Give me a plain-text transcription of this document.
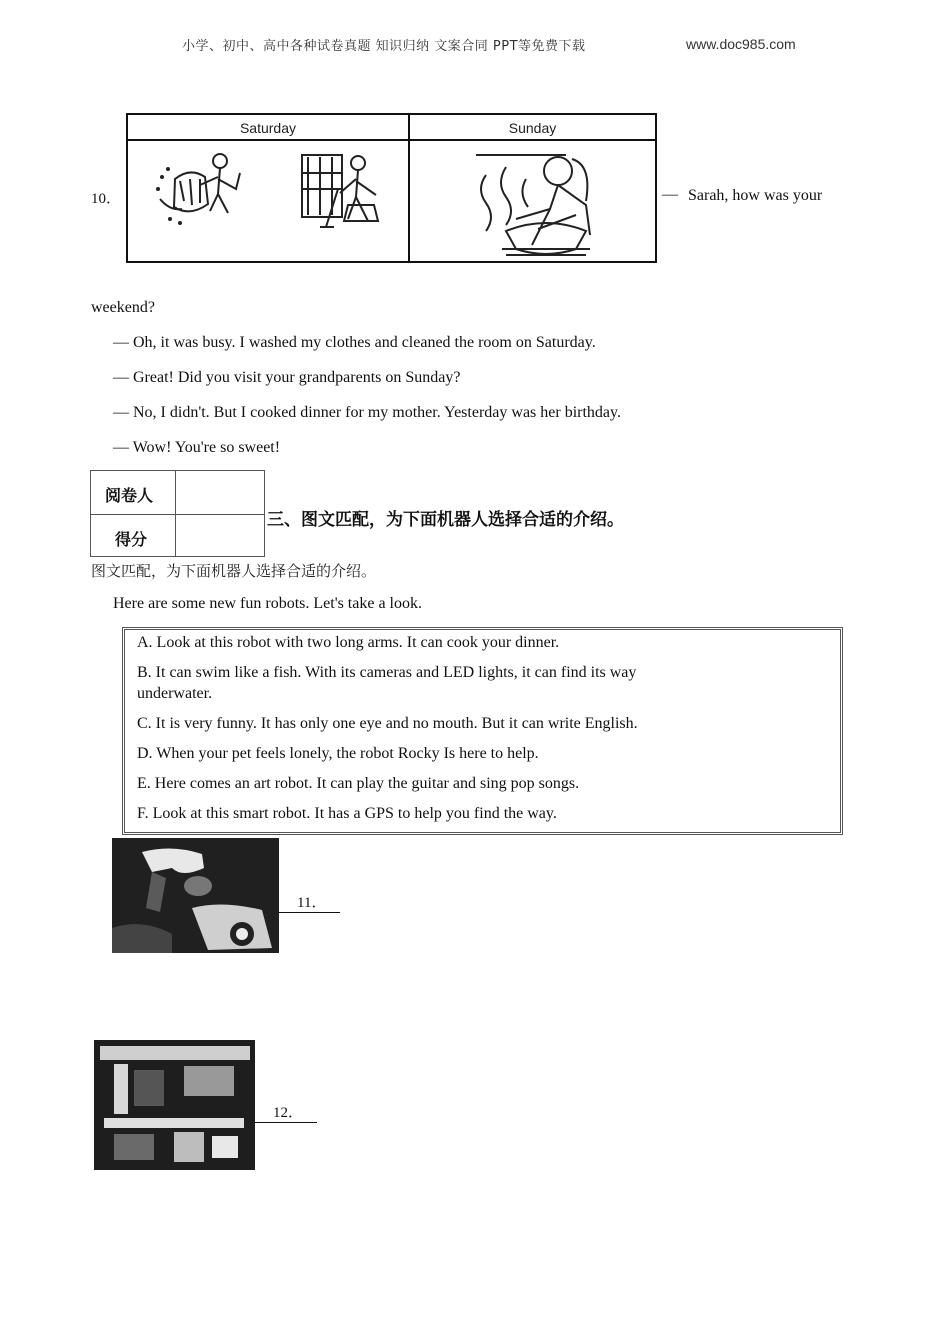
小学、初中、高中各种试卷真题 知识归纳 文案合同 PPT等免费下载	www.doc985.com
10．
Saturday	Sunday
— Sarah, how was your
weekend?
— Oh, it was busy. I washed my clothes and cleaned the room on Saturday.
— Great! Did you visit your grandparents on Sunday?
— No, I didn't. But I cooked dinner for my mother. Yesterday was her birthday.
— Wow! You're so sweet!
阅卷人
得分
三、图文匹配，为下面机器人选择合适的介绍。
图文匹配，为下面机器人选择合适的介绍。
Here are some new fun robots. Let's take a look.
A. Look at this robot with two long arms. It can cook your dinner.
B. It can swim like a fish. With its cameras and LED lights, it can find its way
underwater.
C. It is very funny. It has only one eye and no mouth. But it can write English.
D. When your pet feels lonely, the robot Rocky Is here to help.
E. Here comes an art robot. It can play the guitar and sing pop songs.
F. Look at this smart robot. It has a GPS to help you find the way.
11．
12．
